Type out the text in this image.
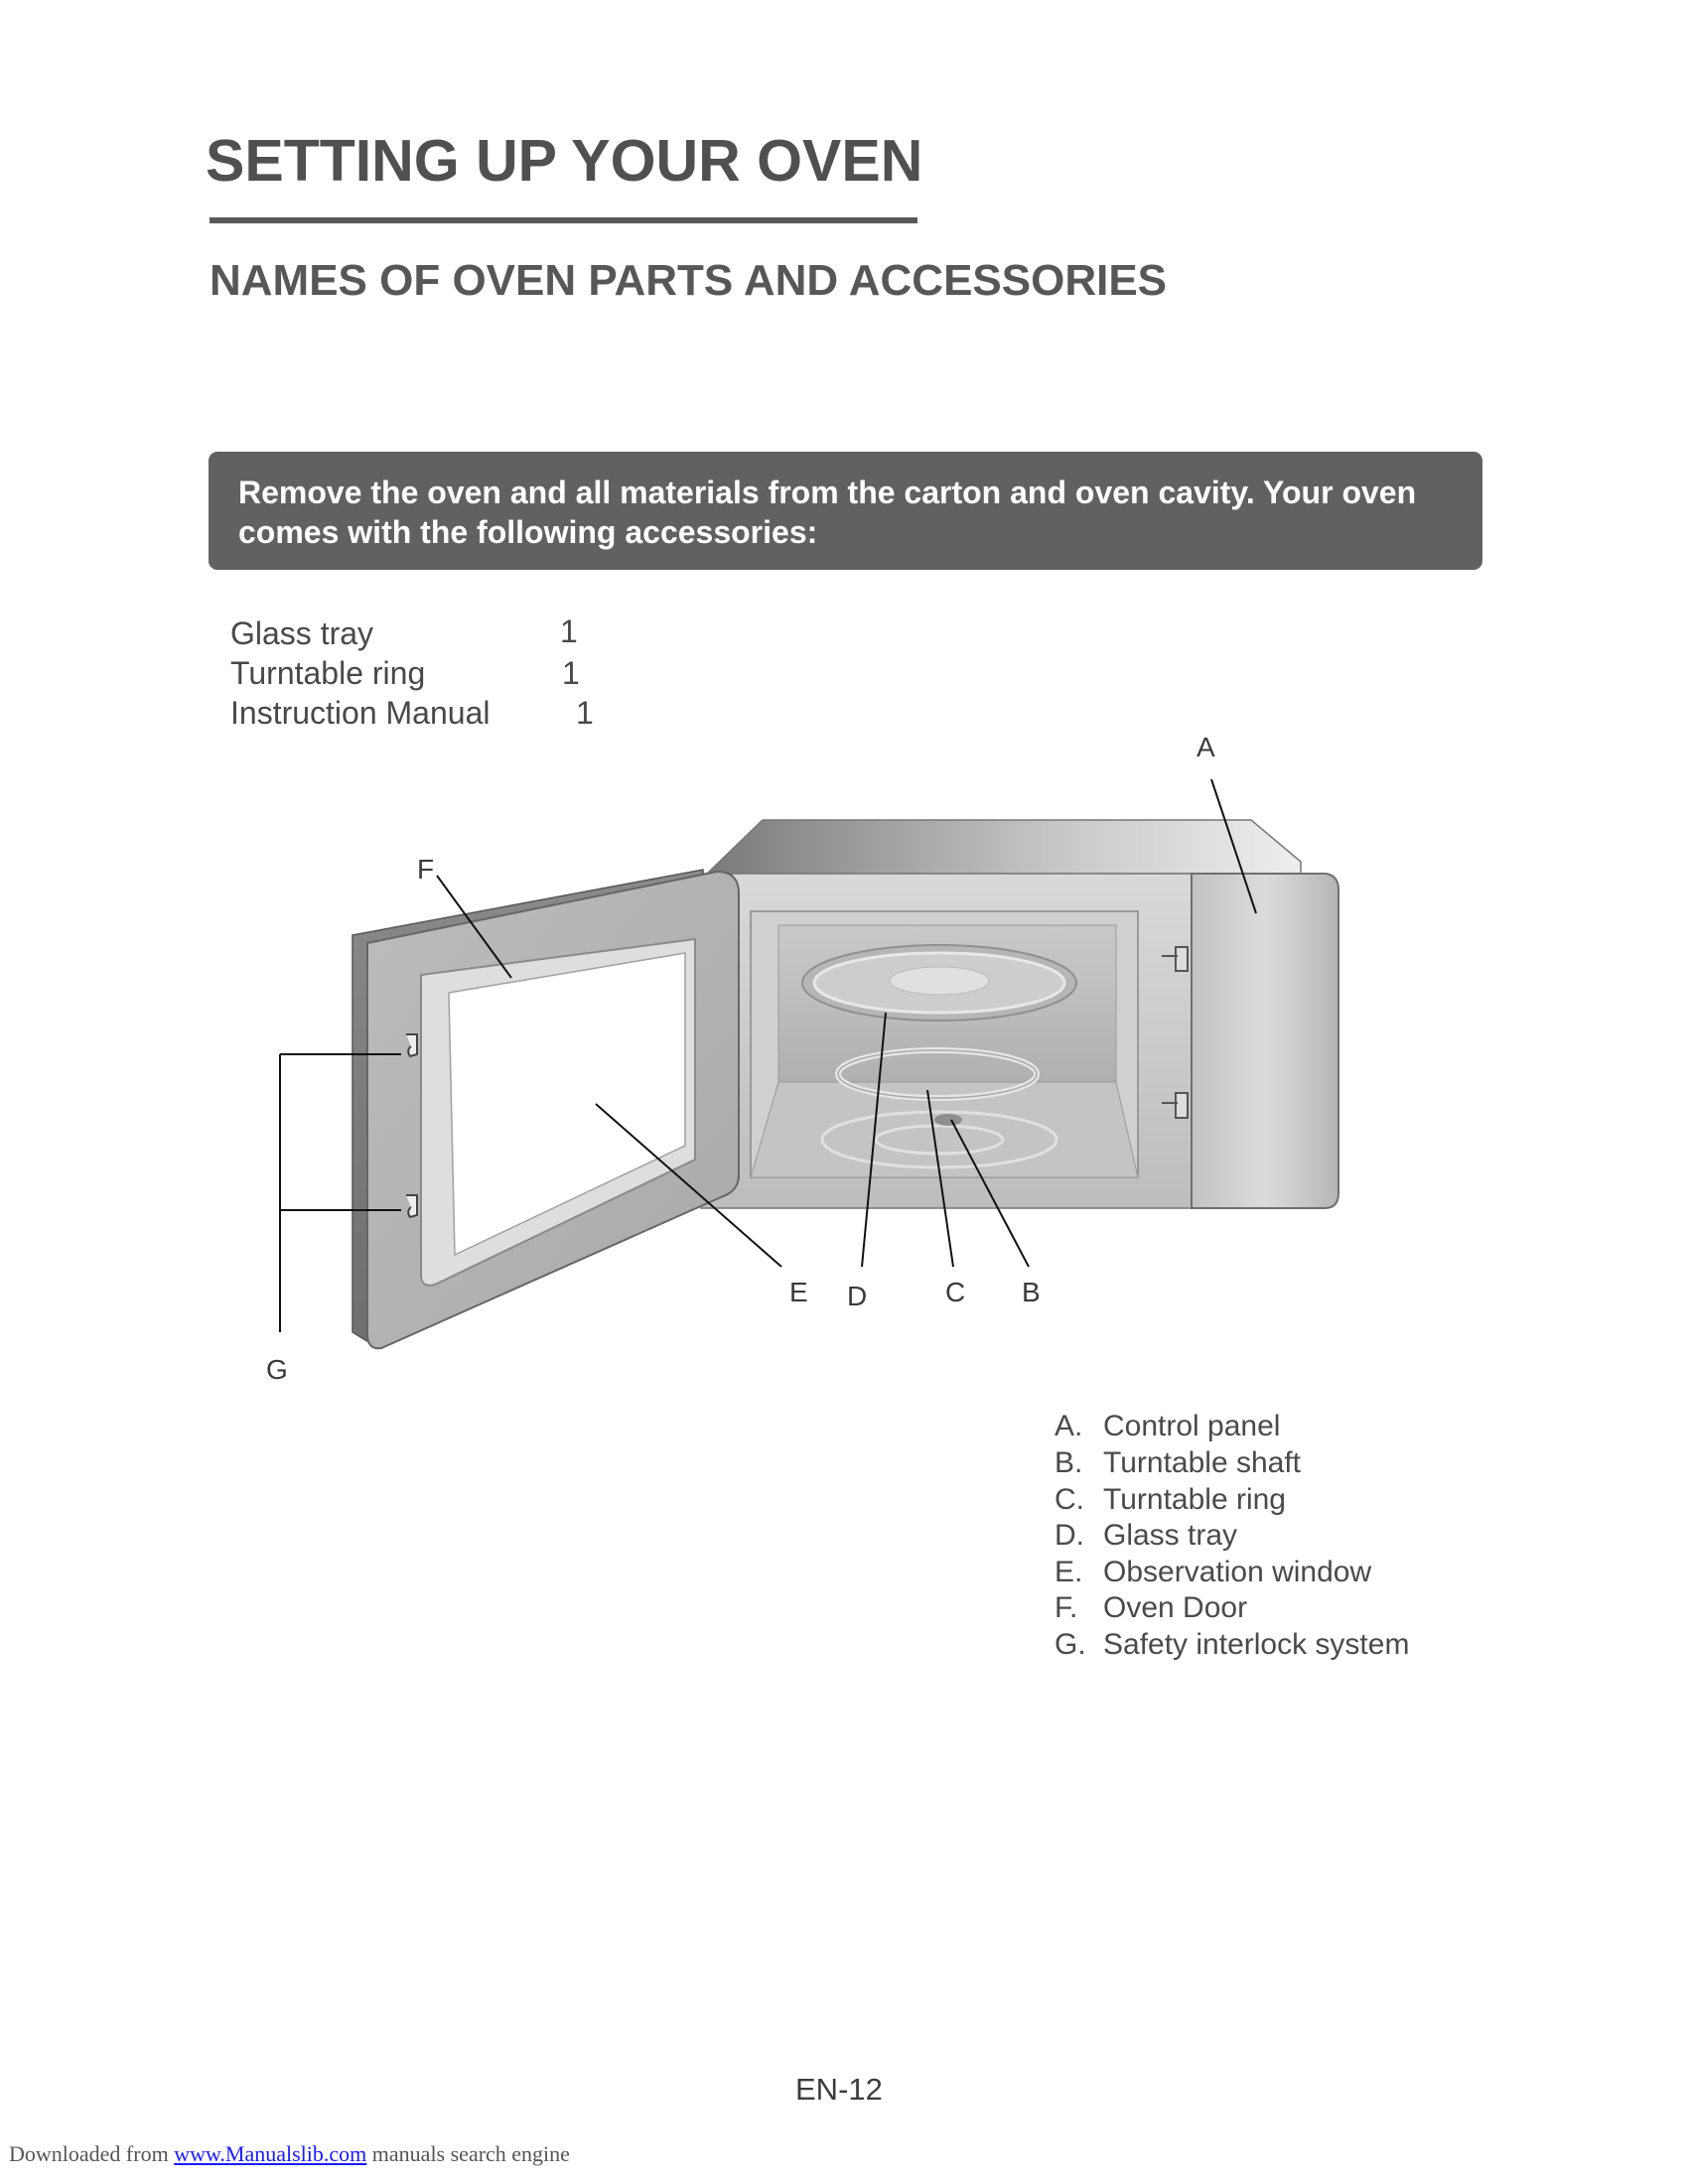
SETTING UP YOUR OVEN
NAMES OF OVEN PARTS AND ACCESSORIES
Remove the oven and all materials from the carton and oven cavity. Your oven comes with the following accessories:
Glass tray	1
Turntable ring	1
Instruction Manual	1
A
B
C
D
E
F
G
A. Control panel
B. Turntable shaft
C. Turntable ring
D. Glass tray
E. Observation window
F. Oven Door
G. Safety interlock system
EN-12
Downloaded from www.Manualslib.com manuals search engine
